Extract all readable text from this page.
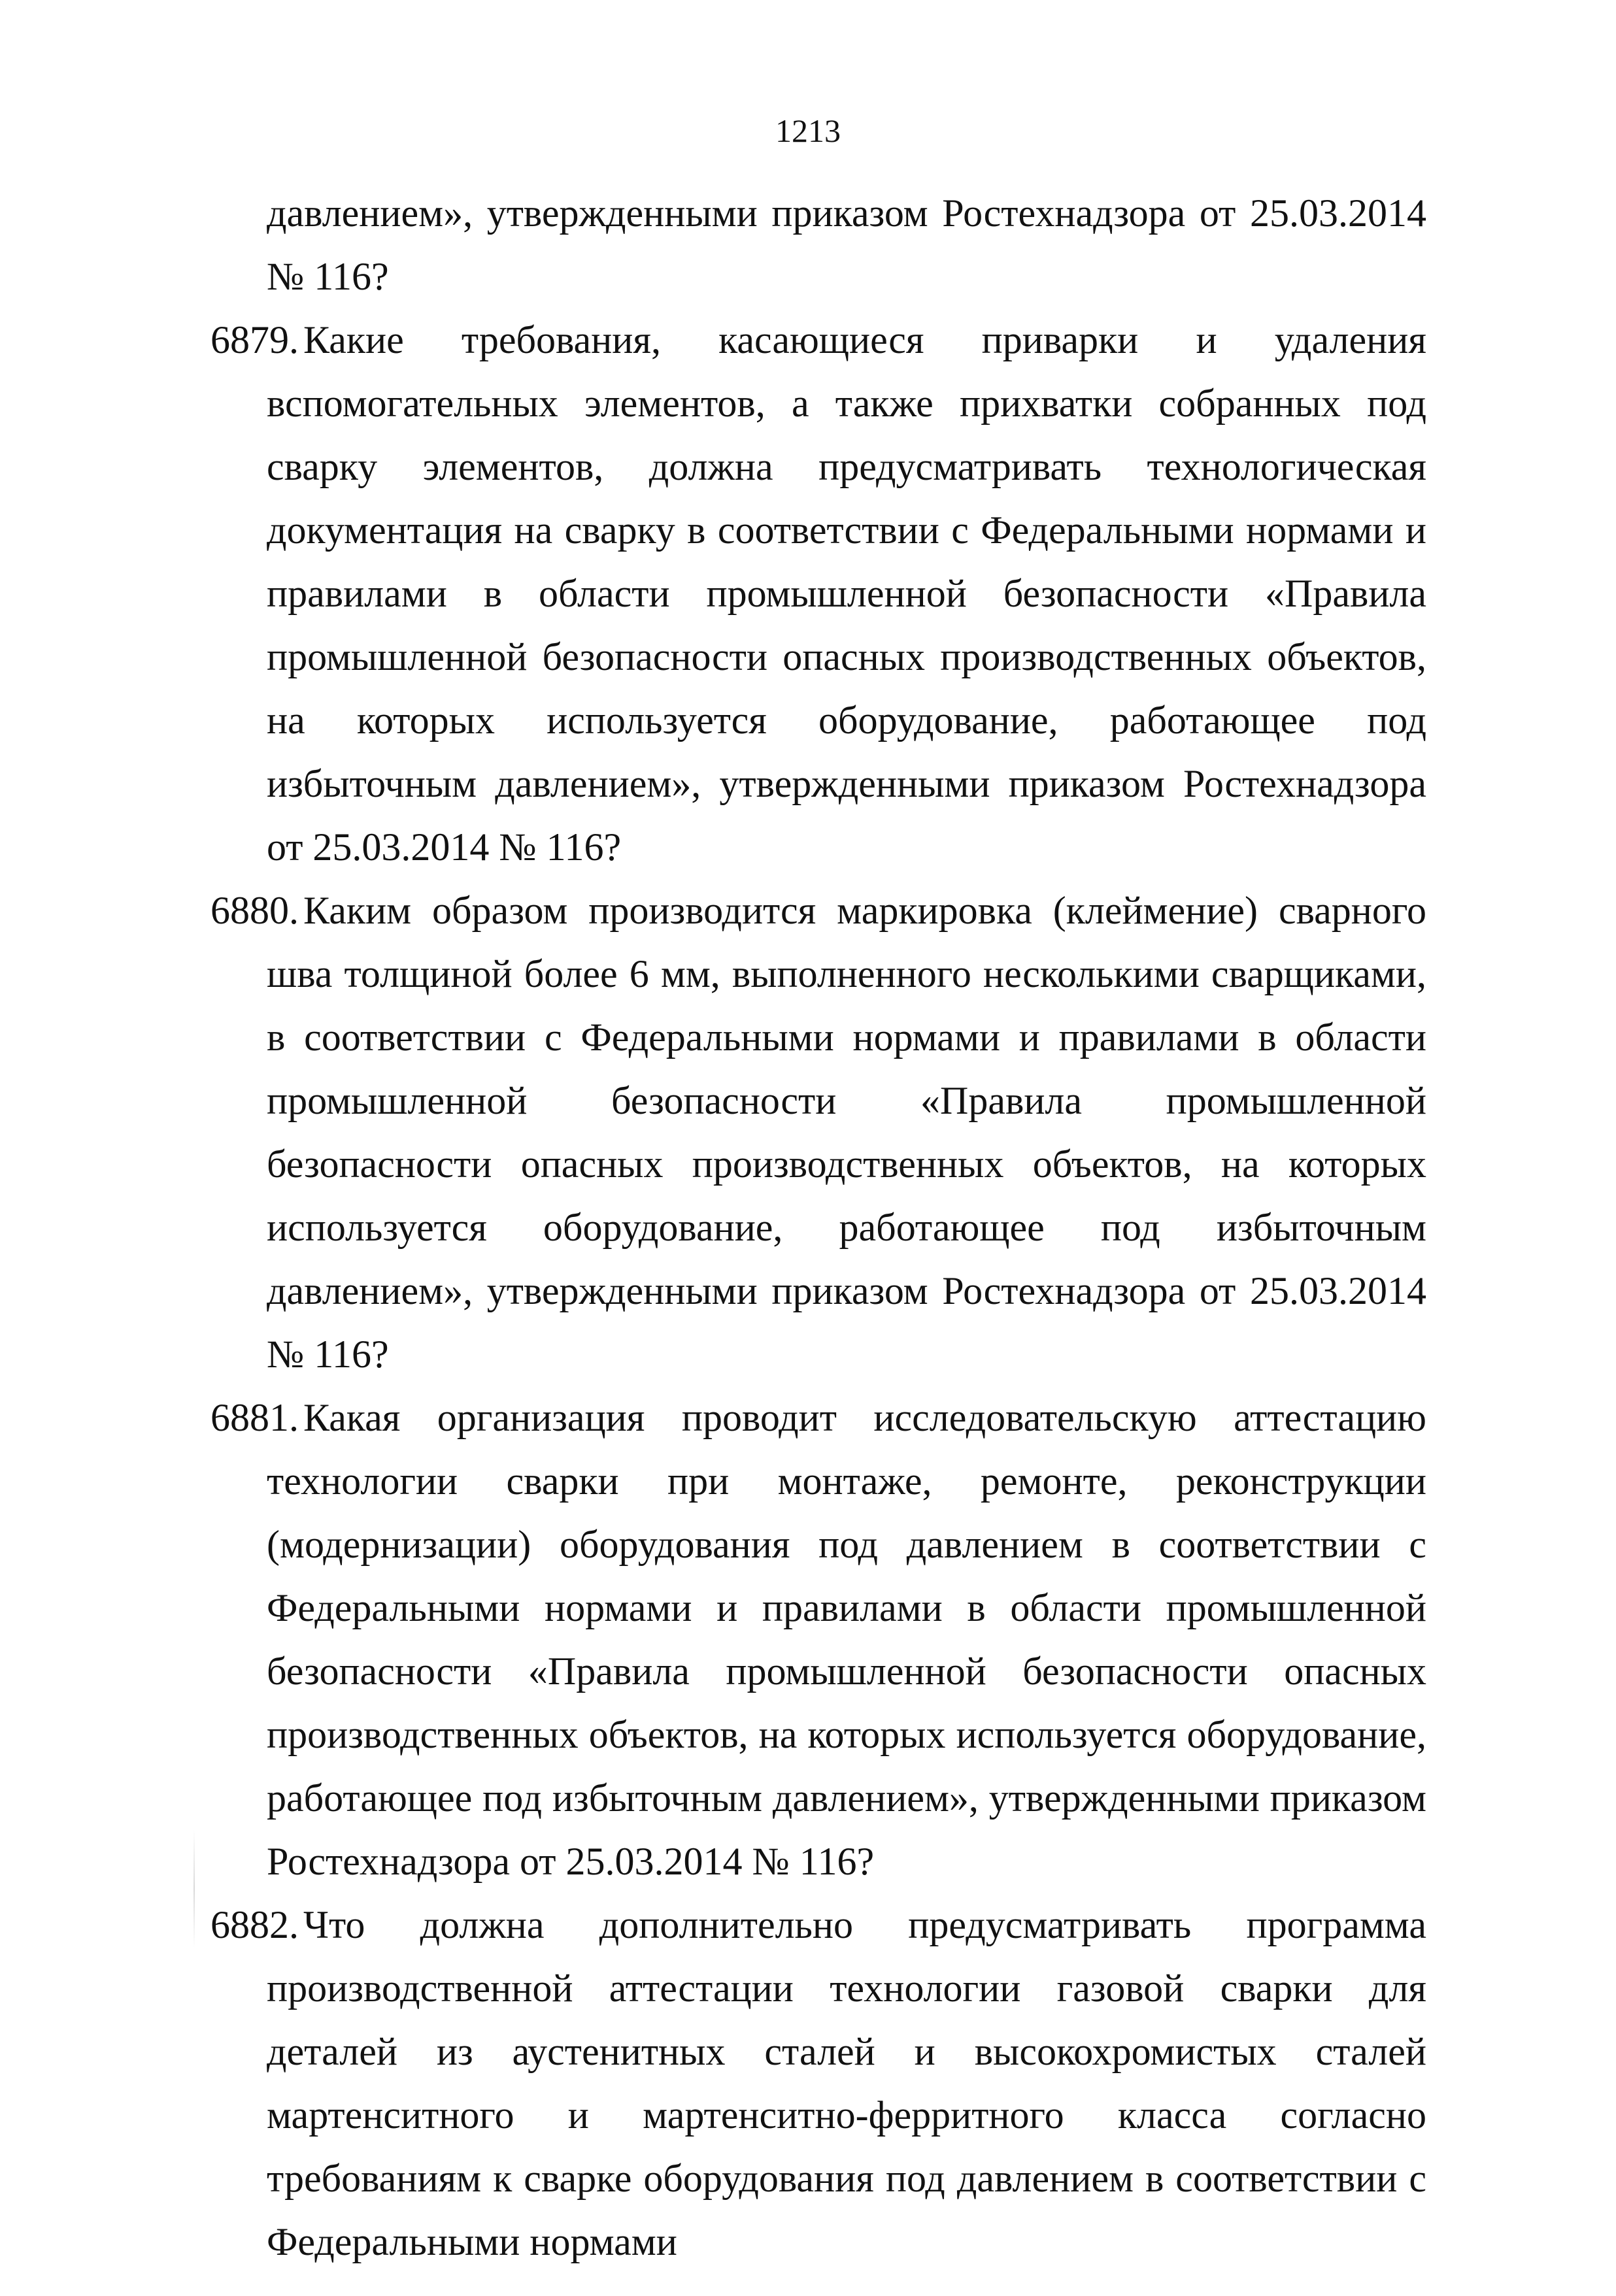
1213

давлением», утвержденными приказом Ростехнадзора от 25.03.2014 № 116?

6879. Какие требования, касающиеся приварки и удаления вспомогательных элементов, а также прихватки собранных под сварку элементов, должна предусматривать технологическая документация на сварку в соответствии с Федеральными нормами и правилами в области промышленной безопасности «Правила промышленной безопасности опасных производственных объектов, на которых используется оборудование, работающее под избыточным давлением», утвержденными приказом Ростехнадзора от 25.03.2014 № 116?
6880. Каким образом производится маркировка (клеймение) сварного шва толщиной более 6 мм, выполненного несколькими сварщиками, в соответствии с Федеральными нормами и правилами в области промышленной безопасности «Правила промышленной безопасности опасных производственных объектов, на которых используется оборудование, работающее под избыточным давлением», утвержденными приказом Ростехнадзора от 25.03.2014 № 116?
6881. Какая организация проводит исследовательскую аттестацию технологии сварки при монтаже, ремонте, реконструкции (модернизации) оборудования под давлением в соответствии с Федеральными нормами и правилами в области промышленной безопасности «Правила промышленной безопасности опасных производственных объектов, на которых используется оборудование, работающее под избыточным давлением», утвержденными приказом Ростехнадзора от 25.03.2014 № 116?
6882. Что должна дополнительно предусматривать программа производственной аттестации технологии газовой сварки для деталей из аустенитных сталей и высокохромистых сталей мартенситного и мартенситно-ферритного класса согласно требованиям к сварке оборудования под давлением в соответствии с Федеральными нормами
